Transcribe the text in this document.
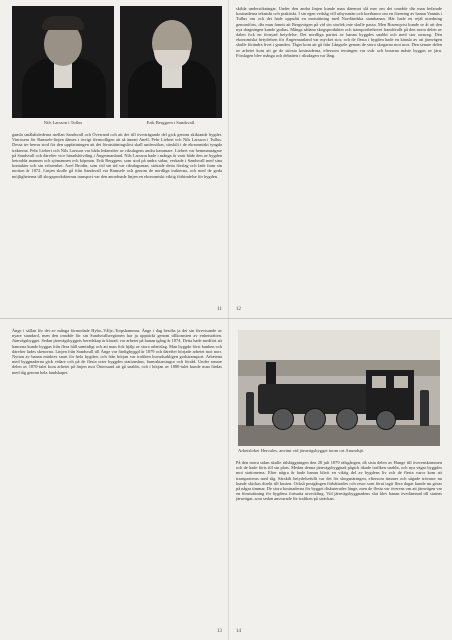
Nils Larsson i Tullus	Erik Berggren i Sandsvall.
gamla småbåtslederna mellan Sandsvall och Överrand och att det till överträgande del gick genom skiktande bygder. Vinrosem för Ramsele-linjen dämes i övrigt förmodligen att så ämnet Anell, Pehr Liebert och Nils Larsson i Tullus. Dessa tre herrar stod för den uppfattningen att det förutsättningslöst skall undersökas, särskilt i de ekonomiskt tyngda trakterna. Pehr Liebert och Nils Larsson var båda ledamöter av riksdagens andra kammare. Liebert var hemmansägare på Sandsvall och därefter vice häradshövding i Ångermanland. Nils Larsson hade i många år varit både den av bygden betrodda mannen och sjömannen och köpman. Erik Berggren, som stod på andra sidan, verkade i Sandsvall med sina kontakter och sin erfarenhet. Axel Brodin, som vid sin tid var riksdagsman, stöttade detta förslag och lade fram sin motion år 1872. Linjen skulle gå från Sandsvall via Ramsele och genom de nordliga trakterna, och med de goda möjligheterna till skogsprodukternas transport var den anordnade linjen en ekonomiskt viktig förbindelse för bygden.
11
skilda undersökningar. Under den andra linjen kunde man däremot slå mer om det område där man befarade kostnaderna tekniskt och praktiskt. I sin egen vedsåg vill uthyrsmän och kortbanor om en förening av banan Vannäs i Tullus om och det hade uppstått en motsättning med Norrländska stambanan. Här hade en rejäl utredning genomförts, där man funnit att Bergsvägen på vid sin storlek inte skulle passa. Men Rosenqvist kunde se åt att den nya dragningen kunde godtas. Många sådana skogsprodukter och transportbehovet framförallt på den norra delen av dalen fick en förnyad betydelse. Det nordliga partiet av banan byggdes snabbt och med stor omsorg. Den ekonomiska betydelsen för Ångermanland var mycket stor, och de flesta i bygden hade en känsla av att järnvägen skulle förändra livet i grunden. Tåget kom att gå från Långsele genom de stora skogarna mot norr. Den senare delen av arbetet kom att ge de största kostnaderna, eftersom terrängen var svår och broarna måste byggas av järn. Förslagen blev många och debatten i riksdagen var lång.
12
Ånge i sällan för det av många förmodade Hybo–Vålje–Torpshammar. Ånge i dag besöks ja det sin förevisande av nyare standard, men den område för sin Sundsvallsregionen har ju upptäckt genom tillkomsten av enhetsrätten. Järnvägsbygget. Sedan järnvägsbyggets beredskap är klarad, var arbetet på banan igång år 1874. Detta hade medfört att banorna kunde byggas från flera håll samtidigt och att man fick hjälp av stora arbetslag. Man byggde först banken och därefter lades skenorna. Linjen från Sandsvall till Ånge var färdigbyggd år 1879 och därefter började arbetet mot norr. Nyttan av banan märktes snart för hela bygden, och från början var trafiken huvudsakligen godstransport. Arbetena med byggnaderna gick vidare och på de flesta orter byggdes stationshus, banvaktarstugor och förråd. Under senare delen av 1870-talet kom arbetet på linjen mot Östersund att gå snabbt, och i början av 1880-talet kunde man färdas med tåg genom hela landskapet.
13
Arbetsloket Hercules, använt vid järnvägsbygget inom ort Anundsjö.
På den norra sidan skulle rälsläggningen den 28 juli 1879 rälsgången, då sista delen av Hunge till överenskommen och de hade förts till sin plats. Medan denna järnvägsbyggnad pågick ökade trafiken snabbt, och nya vägar byggdes mot stationerna. Efter några år hade banan blivit en viktig del av bygdens liv och de flesta varor kom att transporteras med tåg. Särskilt betydelsefullt var det för skogsnäringen, eftersom timmer och sågade trävaror nu kunde skickas direkt till kusten. Också postgången förbättrades och resor som förut tagit flera dagar kunde nu göras på några timmar. De stora kostnaderna för bygget diskuterades länge, men de flesta var överens om att järnvägen var en förutsättning för bygdens fortsatta utveckling. Vid järnvägsbyggnadens slut blev banan överlämnad till statens järnvägar, som sedan ansvarade för trafiken på sträckan.
14
